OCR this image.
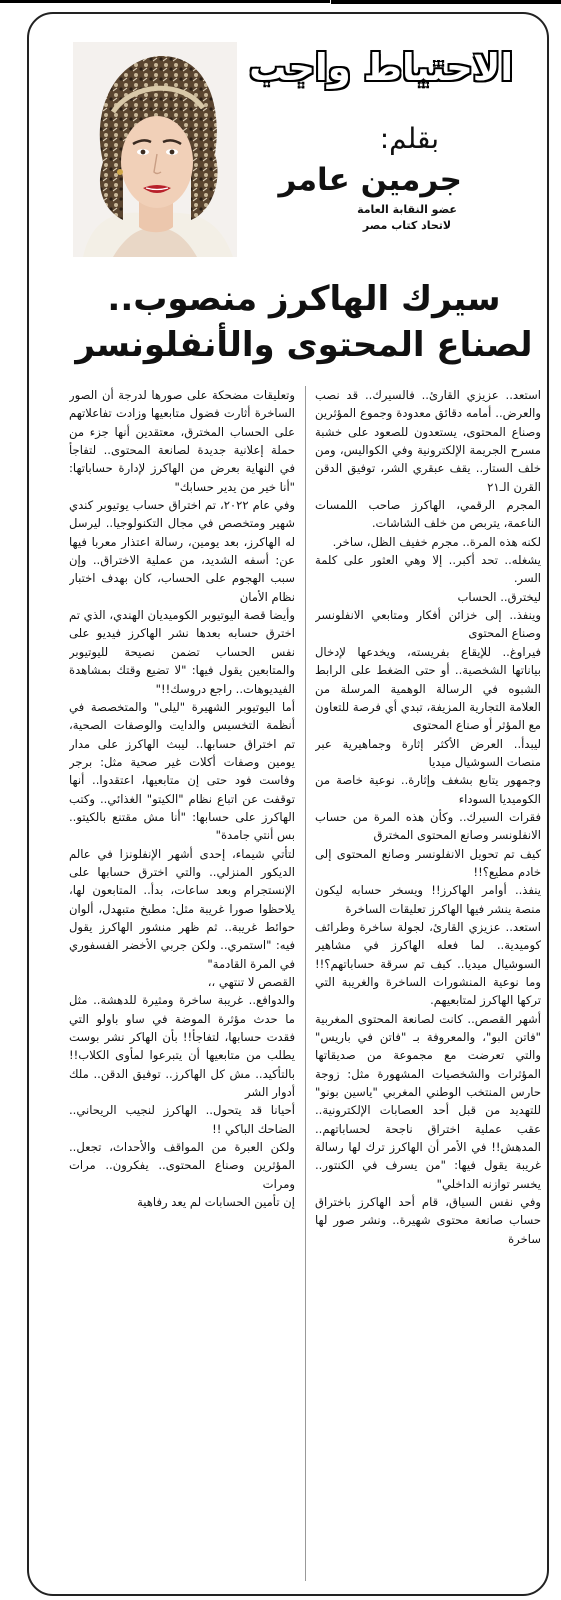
الاحتياط واجب

بقلم:

جرمين عامر

عضو النقابة العامة لاتحاد كتاب مصر

سيرك الهاكرز منصوب.. لصناع المحتوى والأنفلونسر

استعد.. عزيزي القارئ.. فالسيرك.. قد نصب والعرض.. أمامه دقائق معدودة وجموع المؤثرين وصناع المحتوى، يستعدون للصعود على خشبة مسرح الجريمة الإلكترونية وفي الكواليس، ومن خلف الستار.. يقف عبقري الشر، توفيق الدقن القرن الـ٢١

المجرم الرقمي، الهاكرز صاحب اللمسات الناعمة، يتربص من خلف الشاشات.

لكنه هذه المرة.. مجرم خفيف الظل، ساخر.

يشغله.. تحد أكبر.. إلا وهي العثور على كلمة السر.

ليخترق.. الحساب

وينفذ.. إلى خزائن أفكار ومتابعي الانفلونسر وصناع المحتوى

فيراوغ.. للإيقاع بفريسته، ويخدعها لإدخال بياناتها الشخصية.. أو حتى الضغط على الرابط الشبوه في الرسالة الوهمية المرسلة من العلامة التجارية المزيفة، تبدي أي فرصة للتعاون مع المؤثر أو صناع المحتوى

ليبدأ.. العرض الأكثر إثارة وجماهيرية عبر منصات السوشيال ميديا

وجمهور يتابع بشغف وإثارة.. نوعية خاصة من الكوميديا السوداء

فقرات السيرك.. وكأن هذه المرة من حساب الانفلونسر وصانع المحتوى المخترق

كيف تم تحويل الانفلونسر وصانع المحتوى إلى خادم مطيع؟!!

ينفذ.. أوامر الهاكرز!! ويسخر حسابه ليكون منصة ينشر فيها الهاكرز تعليقات الساخرة

استعد.. عزيزي القارئ، لجولة ساخرة وطرائف كوميدية.. لما فعله الهاكرز في مشاهير السوشيال ميديا.. كيف تم سرقة حساباتهم؟!! وما نوعية المنشورات الساخرة والغريبة التي تركها الهاكرز لمتابعيهم.

أشهر القصص.. كانت لصانعة المحتوى المغربية "فاتن البو"، والمعروفة بـ "فاتن في باريس" والتي تعرضت مع مجموعة من صديقاتها المؤثرات والشخصيات المشهورة مثل: زوجة حارس المنتخب الوطني المغربي "ياسين بونو" للتهديد من قبل أحد العصابات الإلكترونية.. عقب عملية اختراق ناجحة لحساباتهم.. المدهش!! في الأمر أن الهاكرز ترك لها رسالة غريبة يقول فيها: "من يسرف في الكنتور.. يخسر توازنه الداخلي"

وفي نفس السياق، قام أحد الهاكرز باختراق حساب صانعة محتوى شهيرة.. ونشر صور لها ساخرة

وتعليقات مضحكة على صورها لدرجة أن الصور الساخرة أثارت فضول متابعيها وزادت تفاعلاتهم على الحساب المخترق، معتقدين أنها جزء من حملة إعلانية جديدة لصانعة المحتوى.. لتفاجأ في النهاية بعرض من الهاكرز لإدارة حساباتها: "أنا خير من يدير حسابك"

وفي عام ٢٠٢٢، تم اختراق حساب يوتيوبر كندي شهير ومتخصص في مجال التكنولوجيا.. ليرسل له الهاكرز، بعد يومين، رسالة اعتذار معربا فيها عن: أسفه الشديد، من عملية الاختراق.. وإن سبب الهجوم على الحساب، كان بهدف اختبار نظام الأمان

وأيضا قصة اليوتيوبر الكوميديان الهندي، الذي تم اخترق حسابه بعدها نشر الهاكرز فيديو على نفس الحساب تضمن نصيحة لليوتيوبر والمتابعين يقول فيها: "لا تضيع وقتك بمشاهدة الفيديوهات.. راجع دروسك!!"

أما اليوتيوبر الشهيرة "ليلى" والمتخصصة في أنظمة التخسيس والدايت والوصفات الصحية، تم اختراق حسابها.. ليبث الهاكرز على مدار يومين وصفات أكلات غير صحية مثل: برجر وفاست فود حتى إن متابعيها، اعتقدوا.. أنها توقفت عن اتباع نظام "الكيتو" الغذائي.. وكتب الهاكرز على حسابها: "أنا مش مقتنع بالكيتو.. بس أنتي جامدة"

لتأتي شيماء، إحدى أشهر الإنفلونزا في عالم الديكور المنزلي.. والتي اخترق حسابها على الإنستجرام وبعد ساعات، بدأ.. المتابعون لها، يلاحظوا صورا غريبة مثل: مطبخ متبهدل، ألوان حوائط غريبة.. ثم ظهر منشور الهاكرز يقول فيه: "استمري.. ولكن جربي الأخضر الفسفوري في المرة القادمة"

القصص لا تنتهي ،،

والدوافع.. غريبة ساخرة ومثيرة للدهشة.. مثل ما حدث مؤثرة الموضة في ساو باولو التي فقدت حسابها، لتفاجأ!! بأن الهاكر نشر بوست يطلب من متابعيها أن يتبرعوا لمأوى الكلاب!! بالتأكيد.. مش كل الهاكرز.. توفيق الدقن.. ملك أدوار الشر

أحيانا قد يتحول.. الهاكرز لنجيب الريحاني.. الضاحك الباكي !!

ولكن العبرة من المواقف والأحداث، تجعل.. المؤثرين وصناع المحتوى.. يفكرون.. مرات ومرات

إن تأمين الحسابات لم يعد رفاهية
